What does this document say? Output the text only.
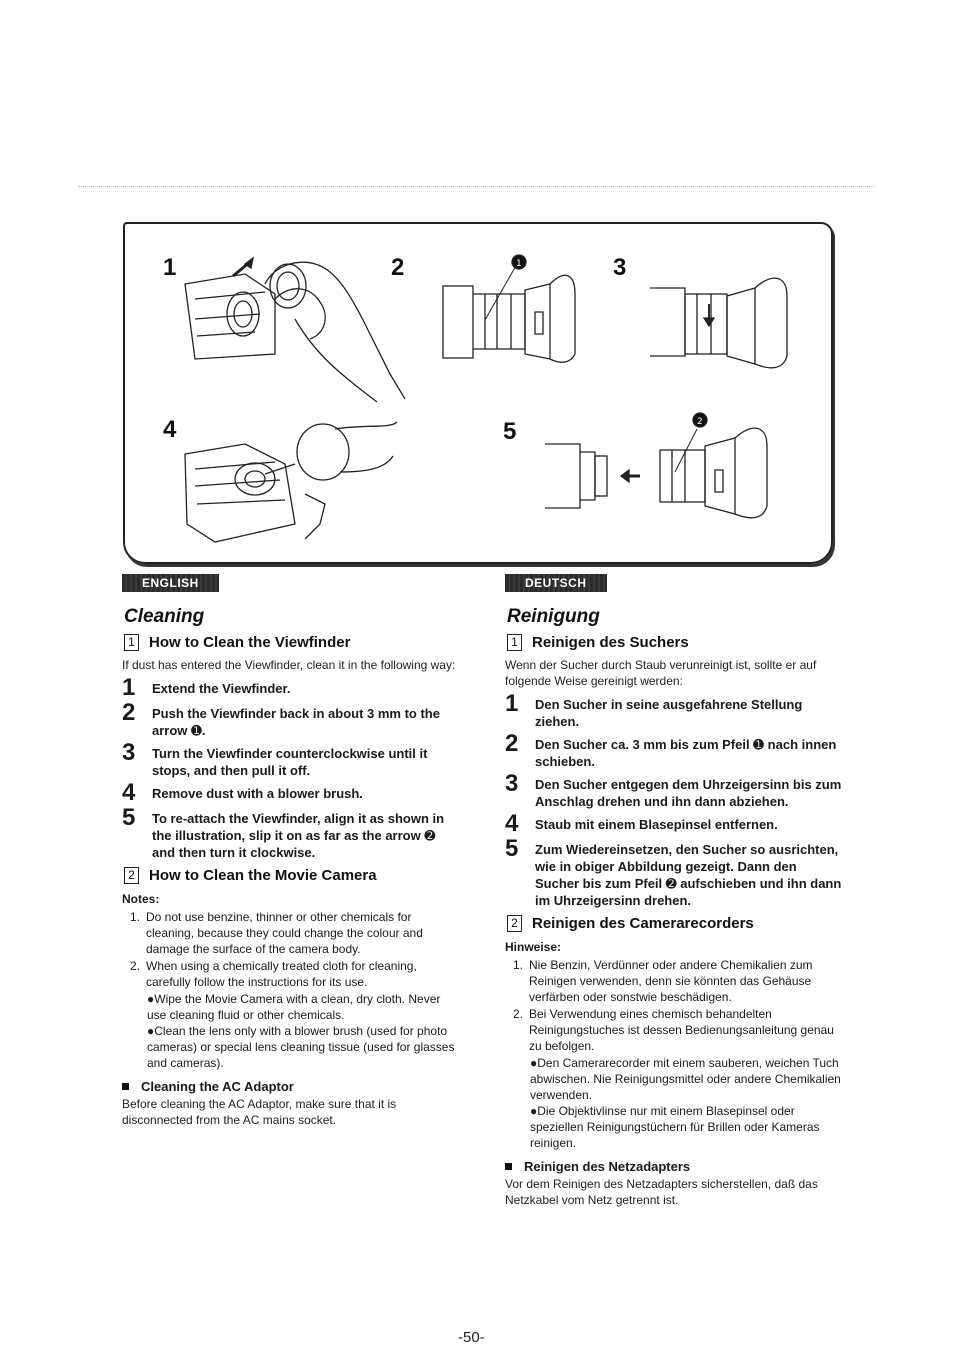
1	2	3
4	5
1
2
ENGLISH
Cleaning
1 How to Clean the Viewfinder
If dust has entered the Viewfinder, clean it in the following way:
1	Extend the Viewfinder.
2	Push the Viewfinder back in about 3 mm to the arrow ➊.
3	Turn the Viewfinder counterclockwise until it stops, and then pull it off.
4	Remove dust with a blower brush.
5	To re-attach the Viewfinder, align it as shown in the illustration, slip it on as far as the arrow ➋ and then turn it clockwise.
2 How to Clean the Movie Camera
Notes:
1. Do not use benzine, thinner or other chemicals for cleaning, because they could change the colour and damage the surface of the camera body.
2. When using a chemically treated cloth for cleaning, carefully follow the instructions for its use.
●Wipe the Movie Camera with a clean, dry cloth. Never use cleaning fluid or other chemicals.
●Clean the lens only with a blower brush (used for photo cameras) or special lens cleaning tissue (used for glasses and cameras).
Cleaning the AC Adaptor
Before cleaning the AC Adaptor, make sure that it is disconnected from the AC mains socket.
DEUTSCH
Reinigung
1 Reinigen des Suchers
Wenn der Sucher durch Staub verunreinigt ist, sollte er auf folgende Weise gereinigt werden:
1	Den Sucher in seine ausgefahrene Stellung ziehen.
2	Den Sucher ca. 3 mm bis zum Pfeil ➊ nach innen schieben.
3	Den Sucher entgegen dem Uhrzeigersinn bis zum Anschlag drehen und ihn dann abziehen.
4	Staub mit einem Blasepinsel entfernen.
5	Zum Wiedereinsetzen, den Sucher so ausrichten, wie in obiger Abbildung gezeigt. Dann den Sucher bis zum Pfeil ➋ aufschieben und ihn dann im Uhrzeigersinn drehen.
2 Reinigen des Camerarecorders
Hinweise:
1. Nie Benzin, Verdünner oder andere Chemikalien zum Reinigen verwenden, denn sie könnten das Gehäuse verfärben oder sonstwie beschädigen.
2. Bei Verwendung eines chemisch behandelten Reinigungstuches ist dessen Bedienungsanleitung genau zu befolgen.
●Den Camerarecorder mit einem sauberen, weichen Tuch abwischen. Nie Reinigungsmittel oder andere Chemikalien verwenden.
●Die Objektivlinse nur mit einem Blasepinsel oder speziellen Reinigungstüchern für Brillen oder Kameras reinigen.
Reinigen des Netzadapters
Vor dem Reinigen des Netzadapters sicherstellen, daß das Netzkabel vom Netz getrennt ist.
-50-
